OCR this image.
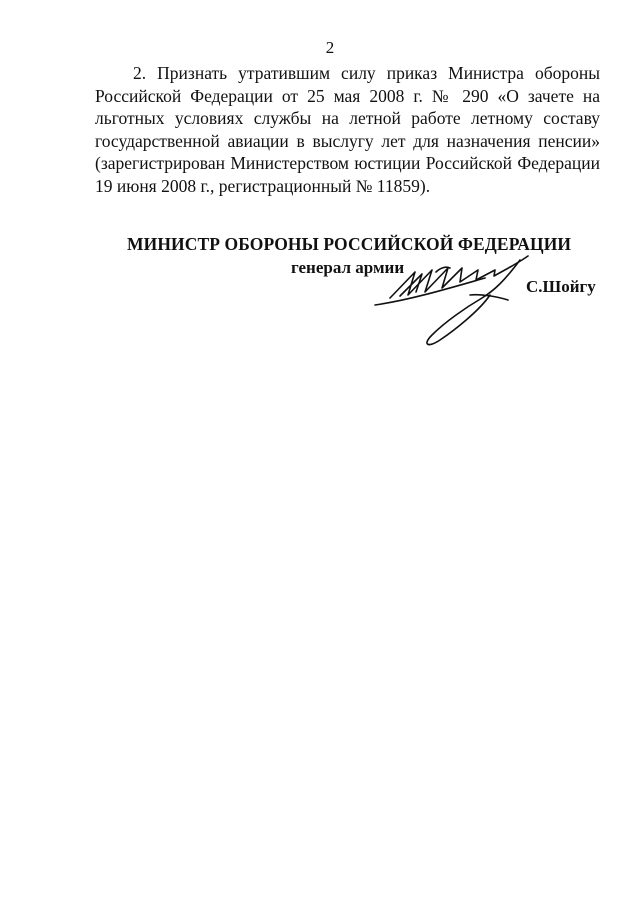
2
2. Признать утратившим силу приказ Министра обороны
Российской Федерации от 25 мая 2008 г. № 290 «О зачете на
льготных условиях службы на летной работе летному составу
государственной авиации в выслугу лет для назначения пенсии»
(зарегистрирован Министерством юстиции Российской Федерации
19 июня 2008 г., регистрационный № 11859).
МИНИСТР ОБОРОНЫ РОССИЙСКОЙ ФЕДЕРАЦИИ
генерал армии
С.Шойгу
